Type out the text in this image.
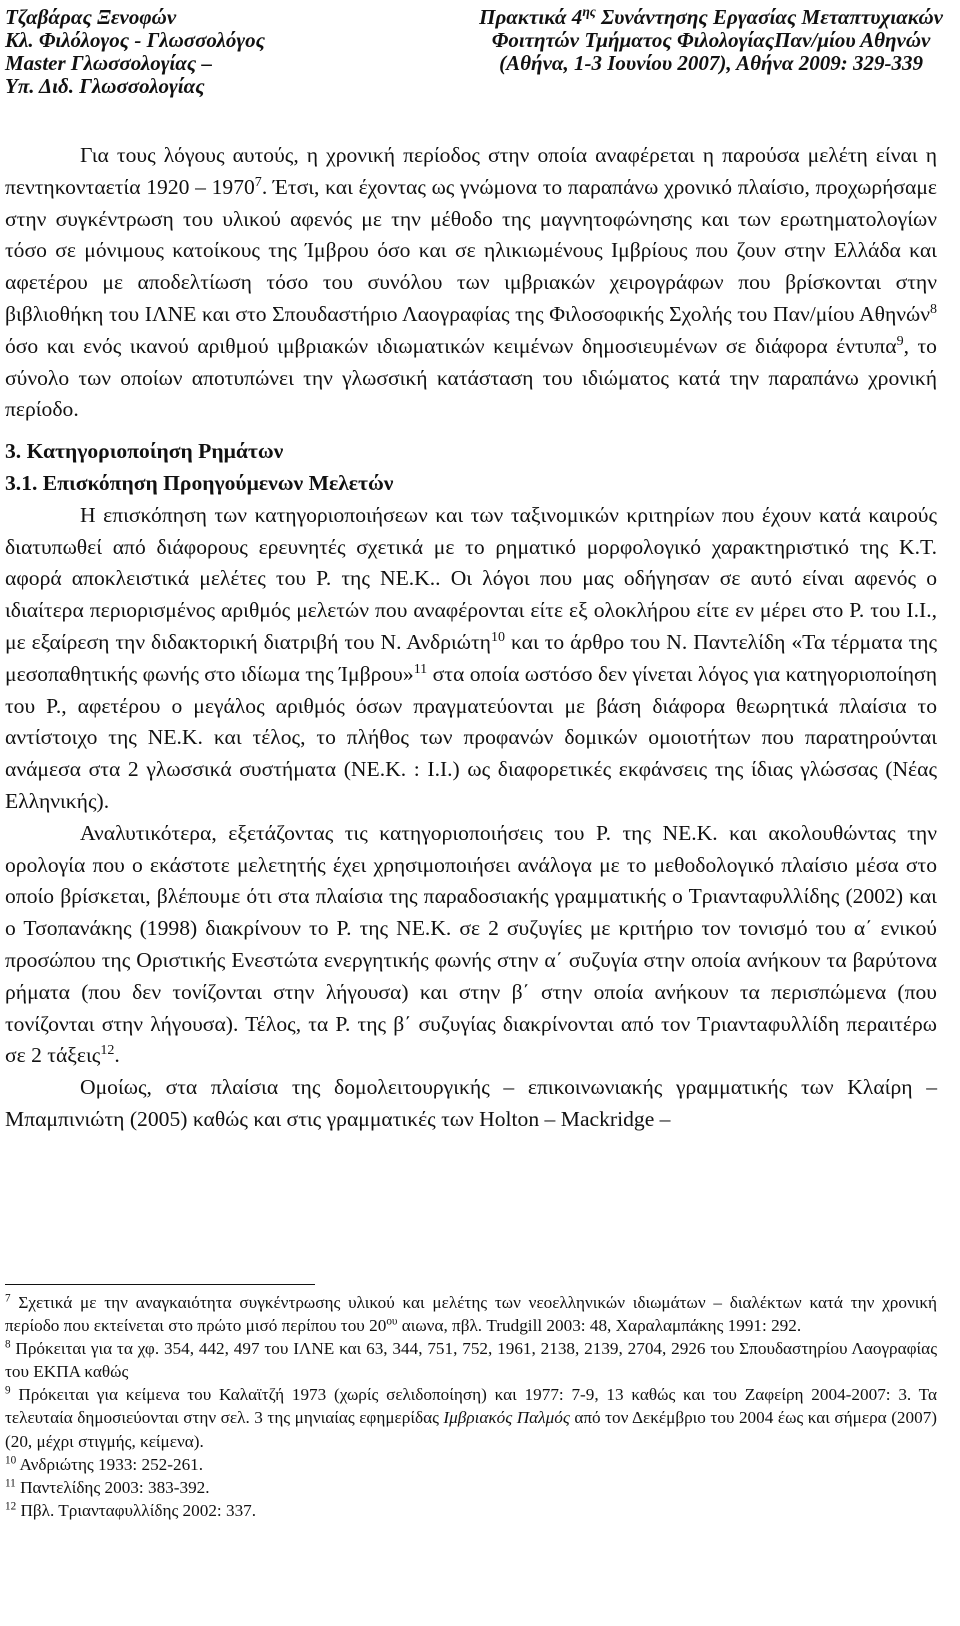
Τζαβάρας Ξενοφών
Κλ. Φιλόλογος - Γλωσσολόγος
Master Γλωσσολογίας –
Υπ. Διδ. Γλωσσολογίας
Πρακτικά $4^{\eta\varsigma}$ Συνάντησης Εργασίας Μεταπτυχιακών
Φοιτητών Τμήματος ΦιλολογίαςΠαν/μίου Αθηνών
(Αθήνα, 1-3 Ιουνίου 2007), Αθήνα 2009: 329-339

Για τους λόγους αυτούς, η χρονική περίοδος στην οποία αναφέρεται η παρούσα μελέτη είναι η πεντηκονταετία 1920 – 1970$^7$. Έτσι, και έχοντας ως γνώμονα το παραπάνω χρονικό πλαίσιο, προχωρήσαμε στην συγκέντρωση του υλικού αφενός με την μέθοδο της μαγνητοφώνησης και των ερωτηματολογίων τόσο σε μόνιμους κατοίκους της Ίμβρου όσο και σε ηλικιωμένους Ιμβρίους που ζουν στην Ελλάδα και αφετέρου με αποδελτίωση τόσο του συνόλου των ιμβριακών χειρογράφων που βρίσκονται στην βιβλιοθήκη του ΙΛΝΕ και στο Σπουδαστήριο Λαογραφίας της Φιλοσοφικής Σχολής του Παν/μίου Αθηνών$^8$ όσο και ενός ικανού αριθμού ιμβριακών ιδιωματικών κειμένων δημοσιευμένων σε διάφορα έντυπα$^9$, το σύνολο των οποίων αποτυπώνει την γλωσσική κατάσταση του ιδιώματος κατά την παραπάνω χρονική περίοδο.

3. Κατηγοριοποίηση Ρημάτων
3.1. Επισκόπηση Προηγούμενων Μελετών

Η επισκόπηση των κατηγοριοποιήσεων και των ταξινομικών κριτηρίων που έχουν κατά καιρούς διατυπωθεί από διάφορους ερευνητές σχετικά με το ρηματικό μορφολογικό χαρακτηριστικό της Κ.Τ. αφορά αποκλειστικά μελέτες του Ρ. της ΝΕ.Κ.. Οι λόγοι που μας οδήγησαν σε αυτό είναι αφενός ο ιδιαίτερα περιορισμένος αριθμός μελετών που αναφέρονται είτε εξ ολοκλήρου είτε εν μέρει στο Ρ. του Ι.Ι., με εξαίρεση την διδακτορική διατριβή του Ν. Ανδριώτη$^{10}$ και το άρθρο του Ν. Παντελίδη «Τα τέρματα της μεσοπαθητικής φωνής στο ιδίωμα της Ίμβρου»$^{11}$ στα οποία ωστόσο δεν γίνεται λόγος για κατηγοριοποίηση του Ρ., αφετέρου ο μεγάλος αριθμός όσων πραγματεύονται με βάση διάφορα θεωρητικά πλαίσια το αντίστοιχο της ΝΕ.Κ. και τέλος, το πλήθος των προφανών δομικών ομοιοτήτων που παρατηρούνται ανάμεσα στα 2 γλωσσικά συστήματα (ΝΕ.Κ. : Ι.Ι.) ως διαφορετικές εκφάνσεις της ίδιας γλώσσας (Νέας Ελληνικής).

Αναλυτικότερα, εξετάζοντας τις κατηγοριοποιήσεις του Ρ. της ΝΕ.Κ. και ακολουθώντας την ορολογία που ο εκάστοτε μελετητής έχει χρησιμοποιήσει ανάλογα με το μεθοδολογικό πλαίσιο μέσα στο οποίο βρίσκεται, βλέπουμε ότι στα πλαίσια της παραδοσιακής γραμματικής ο Τριανταφυλλίδης (2002) και ο Τσοπανάκης (1998) διακρίνουν το Ρ. της ΝΕ.Κ. σε 2 συζυγίες με κριτήριο τον τονισμό του α΄ ενικού προσώπου της Οριστικής Ενεστώτα ενεργητικής φωνής στην α΄ συζυγία στην οποία ανήκουν τα βαρύτονα ρήματα (που δεν τονίζονται στην λήγουσα) και στην β΄ στην οποία ανήκουν τα περισπώμενα (που τονίζονται στην λήγουσα). Τέλος, τα Ρ. της β΄ συζυγίας διακρίνονται από τον Τριανταφυλλίδη περαιτέρω σε 2 τάξεις$^{12}$.

Ομοίως, στα πλαίσια της δομολειτουργικής – επικοινωνιακής γραμματικής των Κλαίρη – Μπαμπινιώτη (2005) καθώς και στις γραμματικές των Holton – Mackridge –

$^7$ Σχετικά με την αναγκαιότητα συγκέντρωσης υλικού και μελέτης των νεοελληνικών ιδιωμάτων – διαλέκτων κατά την χρονική περίοδο που εκτείνεται στο πρώτο μισό περίπου του $20^{o\upsilon}$ αιωνα, πβλ. Trudgill 2003: 48, Χαραλαμπάκης 1991: 292.

$^8$ Πρόκειται για τα χφ. 354, 442, 497 του ΙΛΝΕ και 63, 344, 751, 752, 1961, 2138, 2139, 2704, 2926 του Σπουδαστηρίου Λαογραφίας του ΕΚΠΑ καθώς

$^9$ Πρόκειται για κείμενα του Καλαϊτζή 1973 (χωρίς σελιδοποίηση) και 1977: 7-9, 13 καθώς και του Ζαφείρη 2004-2007: 3. Τα τελευταία δημοσιεύονται στην σελ. 3 της μηνιαίας εφημερίδας Ιμβριακός Παλμός από τον Δεκέμβριο του 2004 έως και σήμερα (2007) (20, μέχρι στιγμής, κείμενα).

$^{10}$ Ανδριώτης 1933: 252-261.

$^{11}$ Παντελίδης 2003: 383-392.

$^{12}$ Πβλ. Τριανταφυλλίδης 2002: 337.
